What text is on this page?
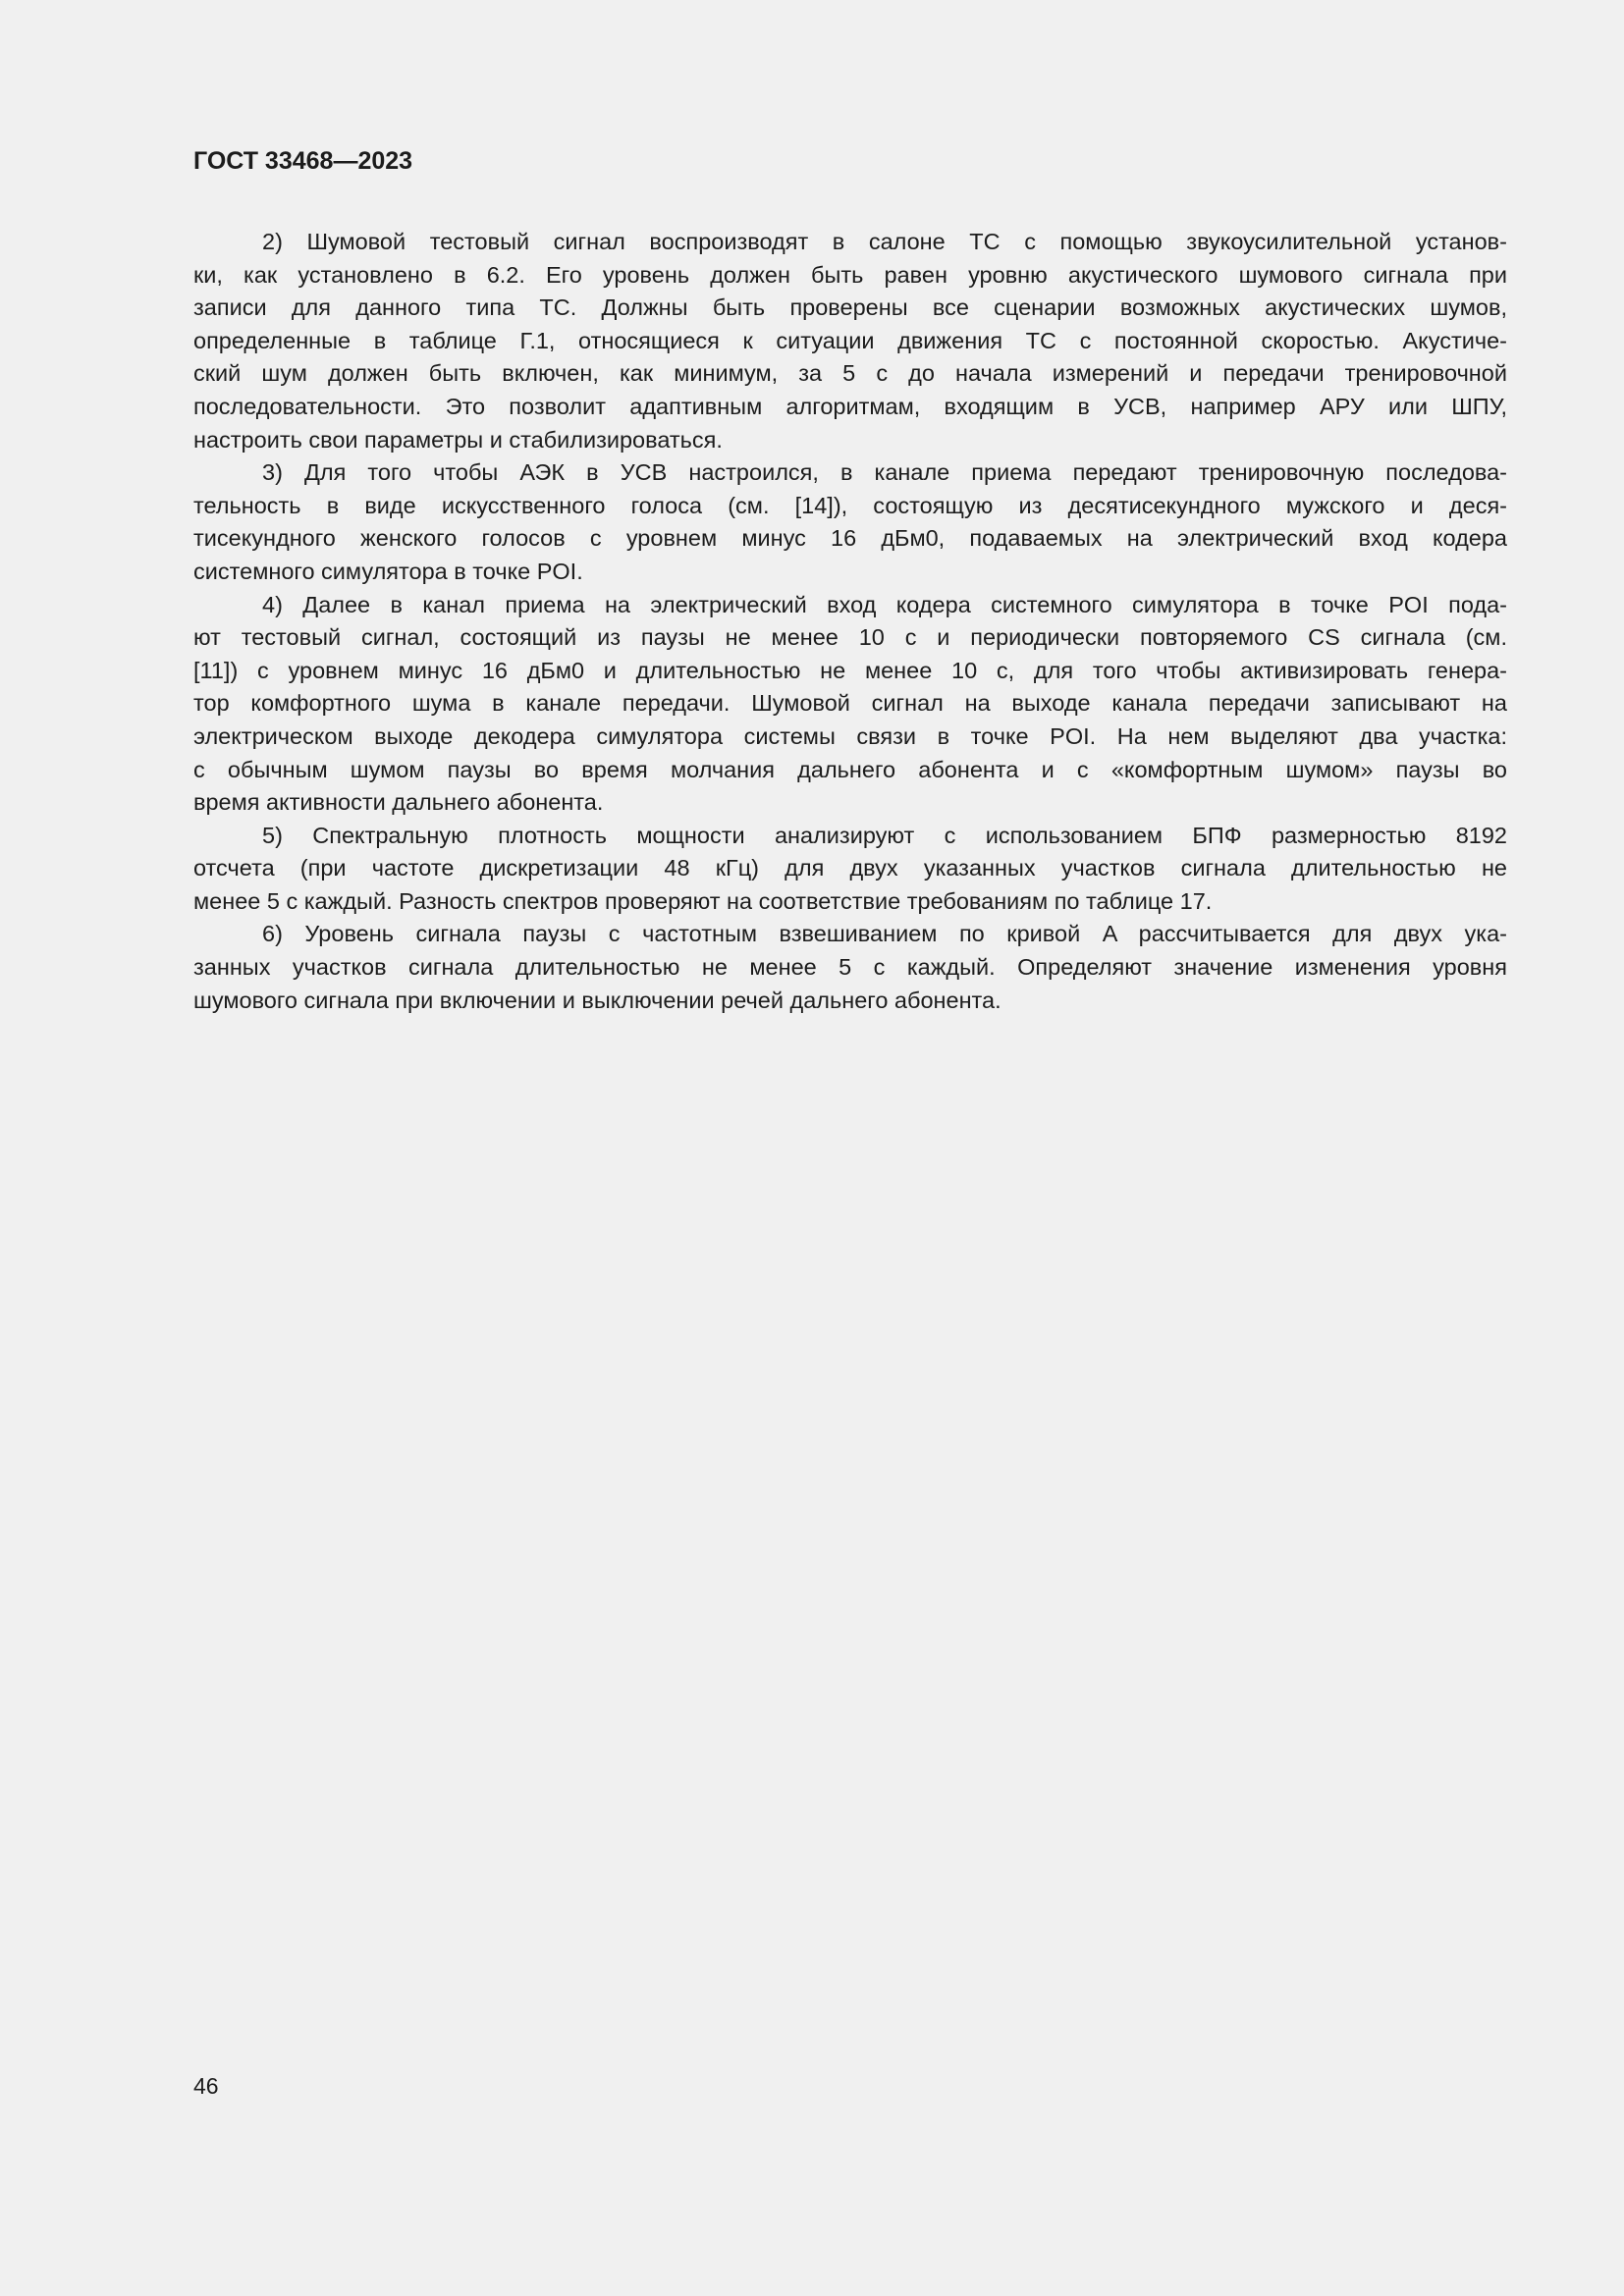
ГОСТ 33468—2023
2) Шумовой тестовый сигнал воспроизводят в салоне ТС с помощью звукоусилительной установ-
ки, как установлено в 6.2. Его уровень должен быть равен уровню акустического шумового сигнала при
записи для данного типа ТС. Должны быть проверены все сценарии возможных акустических шумов,
определенные в таблице Г.1, относящиеся к ситуации движения ТС с постоянной скоростью. Акустиче-
ский шум должен быть включен, как минимум, за 5 с до начала измерений и передачи тренировочной
последовательности. Это позволит адаптивным алгоритмам, входящим в УСВ, например АРУ или ШПУ,
настроить свои параметры и стабилизироваться.
3) Для того чтобы АЭК в УСВ настроился, в канале приема передают тренировочную последова-
тельность в виде искусственного голоса (см. [14]), состоящую из десятисекундного мужского и деся-
тисекундного женского голосов с уровнем минус 16 дБм0, подаваемых на электрический вход кодера
системного симулятора в точке POI.
4) Далее в канал приема на электрический вход кодера системного симулятора в точке POI пода-
ют тестовый сигнал, состоящий из паузы не менее 10 с и периодически повторяемого CS сигнала (см.
[11]) с уровнем минус 16 дБм0 и длительностью не менее 10 с, для того чтобы активизировать генера-
тор комфортного шума в канале передачи. Шумовой сигнал на выходе канала передачи записывают на
электрическом выходе декодера симулятора системы связи в точке POI. На нем выделяют два участка:
с обычным шумом паузы во время молчания дальнего абонента и с «комфортным шумом» паузы во
время активности дальнего абонента.
5) Спектральную плотность мощности анализируют с использованием БПФ размерностью 8192
отсчета (при частоте дискретизации 48 кГц) для двух указанных участков сигнала длительностью не
менее 5 с каждый. Разность спектров проверяют на соответствие требованиям по таблице 17.
6) Уровень сигнала паузы с частотным взвешиванием по кривой A рассчитывается для двух ука-
занных участков сигнала длительностью не менее 5 с каждый. Определяют значение изменения уровня
шумового сигнала при включении и выключении речей дальнего абонента.
46
